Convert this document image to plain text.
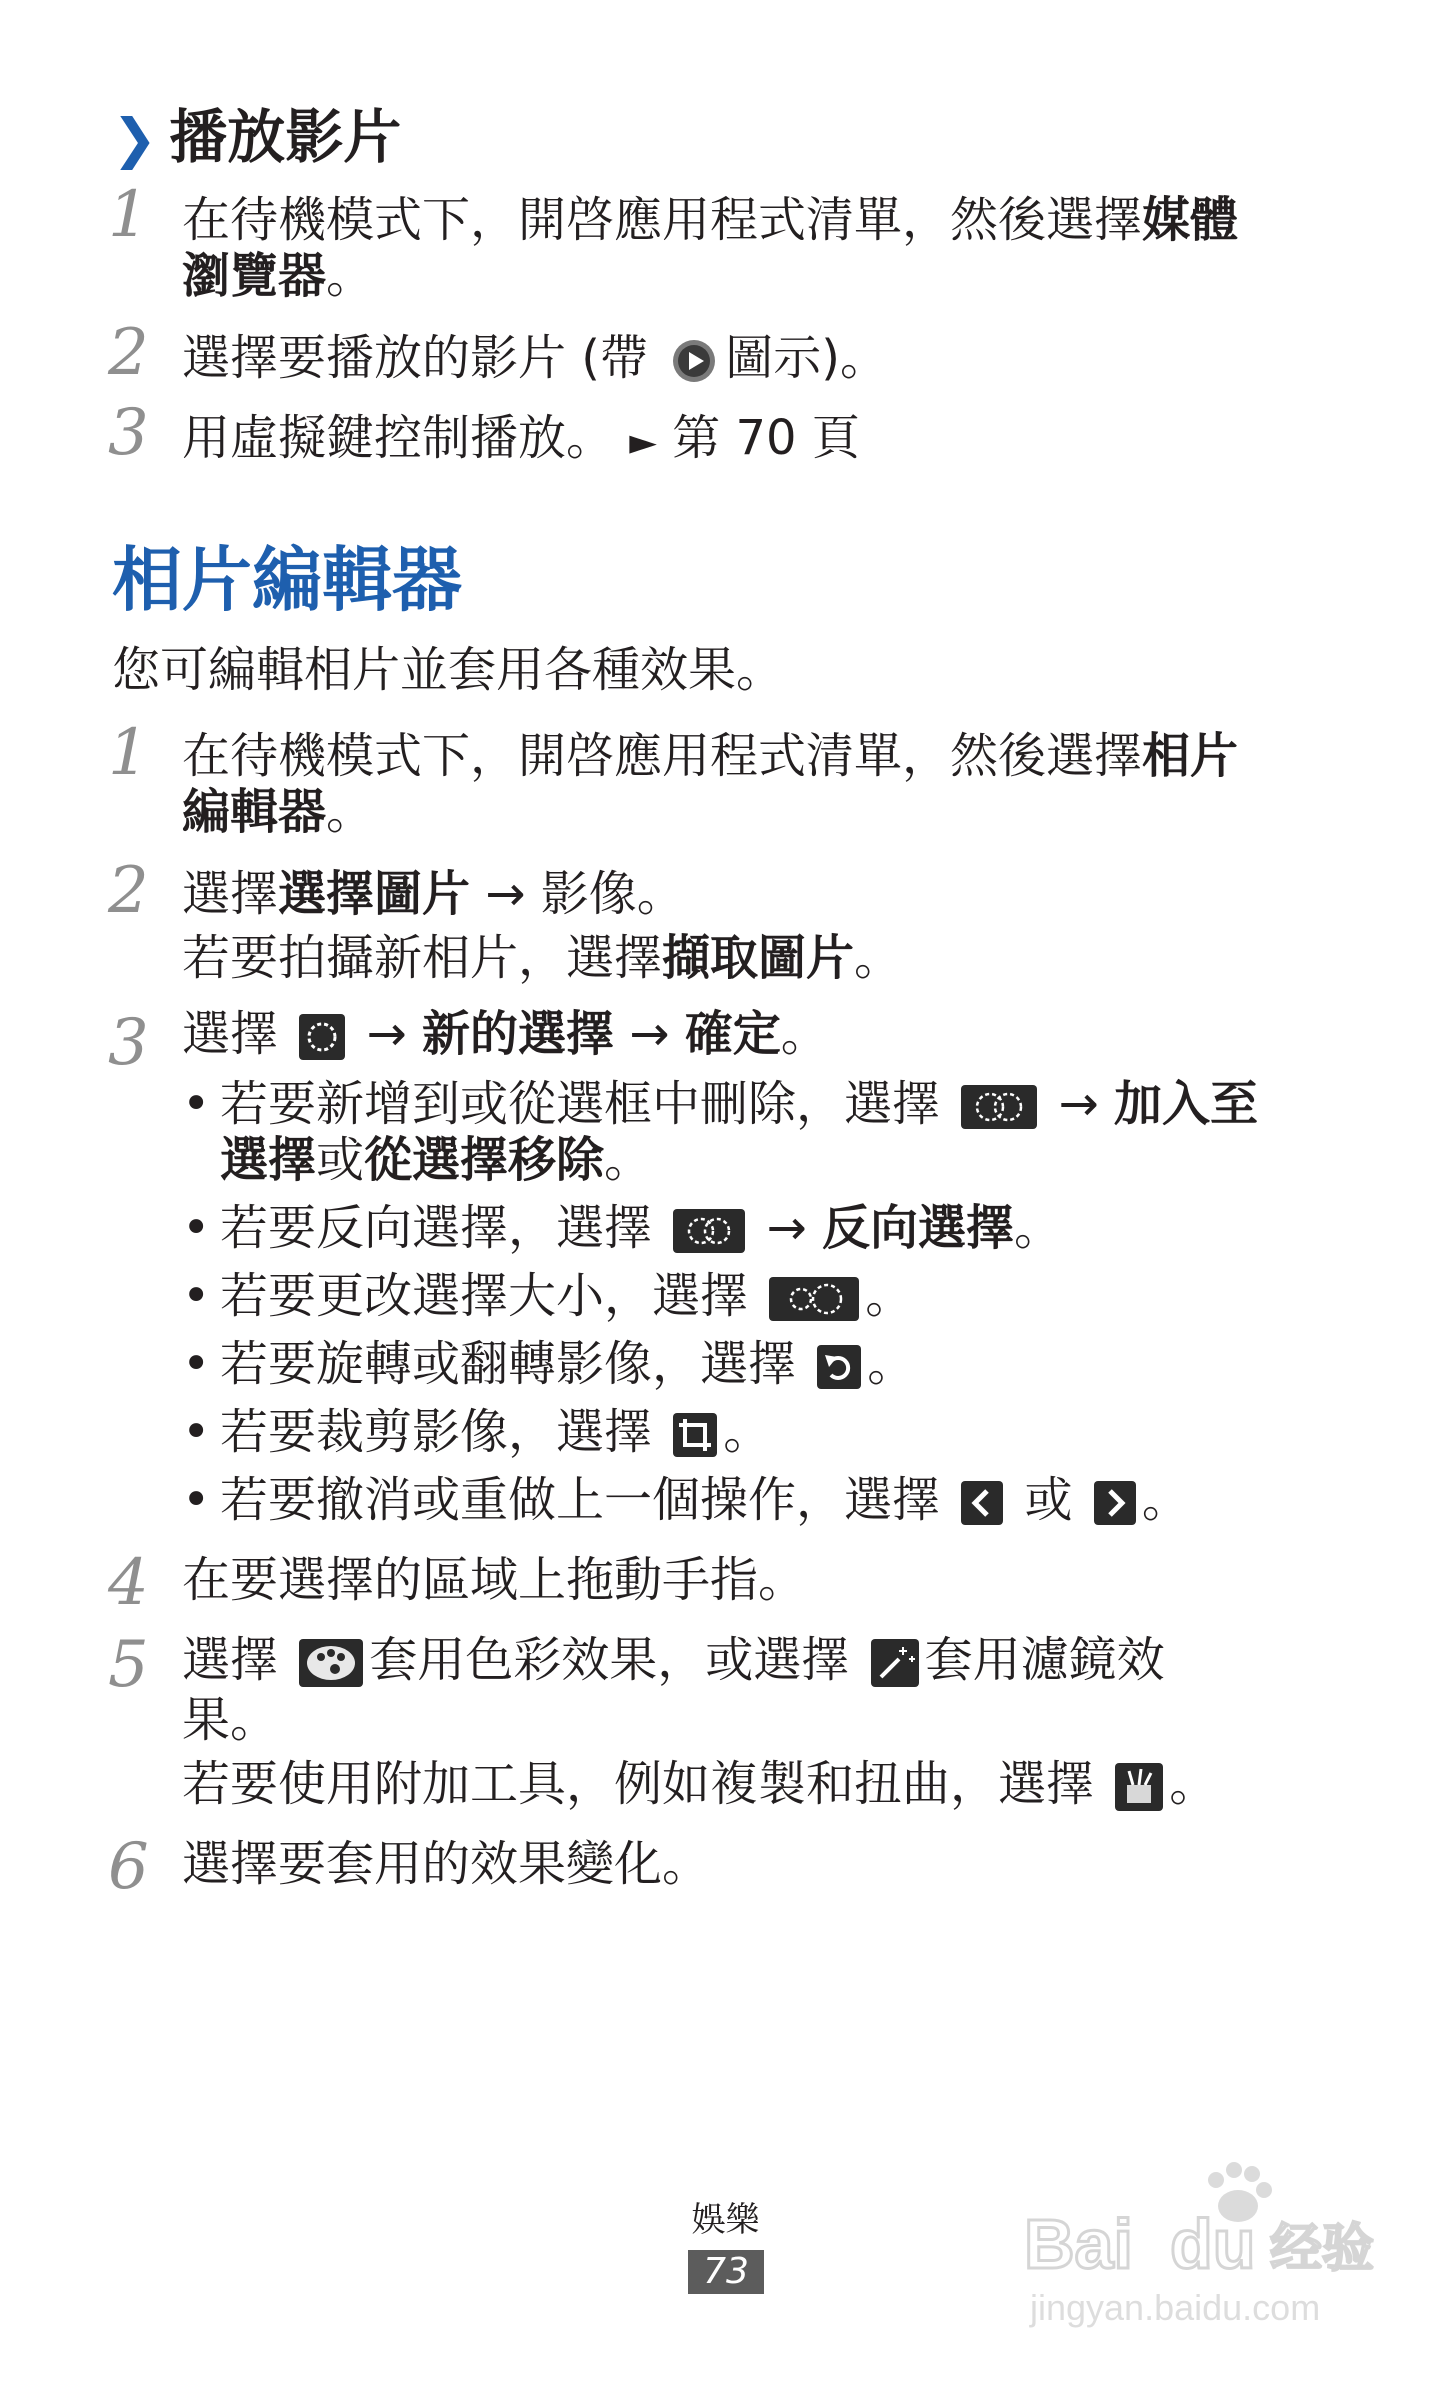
❯ 播放影片
1 在待機模式下，開啓應用程式清單，然後選擇媒體
瀏覽器。
2 選擇要播放的影片 (帶 圖示)。
3 用虛擬鍵控制播放。 ► 第 70 頁
相片編輯器
您可編輯相片並套用各種效果。
1 在待機模式下，開啓應用程式清單，然後選擇相片
編輯器。
2 選擇選擇圖片 → 影像。
若要拍攝新相片，選擇擷取圖片。
3 選擇
→ 新的選擇 → 確定。
• 若要新增到或從選框中刪除，選擇
→ 加入至
選擇或從選擇移除。
• 若要反向選擇，選擇
→ 反向選擇。
• 若要更改選擇大小，選擇 。
• 若要旋轉或翻轉影像，選擇 。
• 若要裁剪影像，選擇 。
• 若要撤消或重做上一個操作，選擇
或
。
4 在要選擇的區域上拖動手指。
5 選擇 套用色彩效果，或選擇 套用濾鏡效
果。
若要使用附加工具，例如複製和扭曲，選擇 。
6 選擇要套用的效果變化。
娛樂
73	Bai du 经验
jingyan.baidu.com
